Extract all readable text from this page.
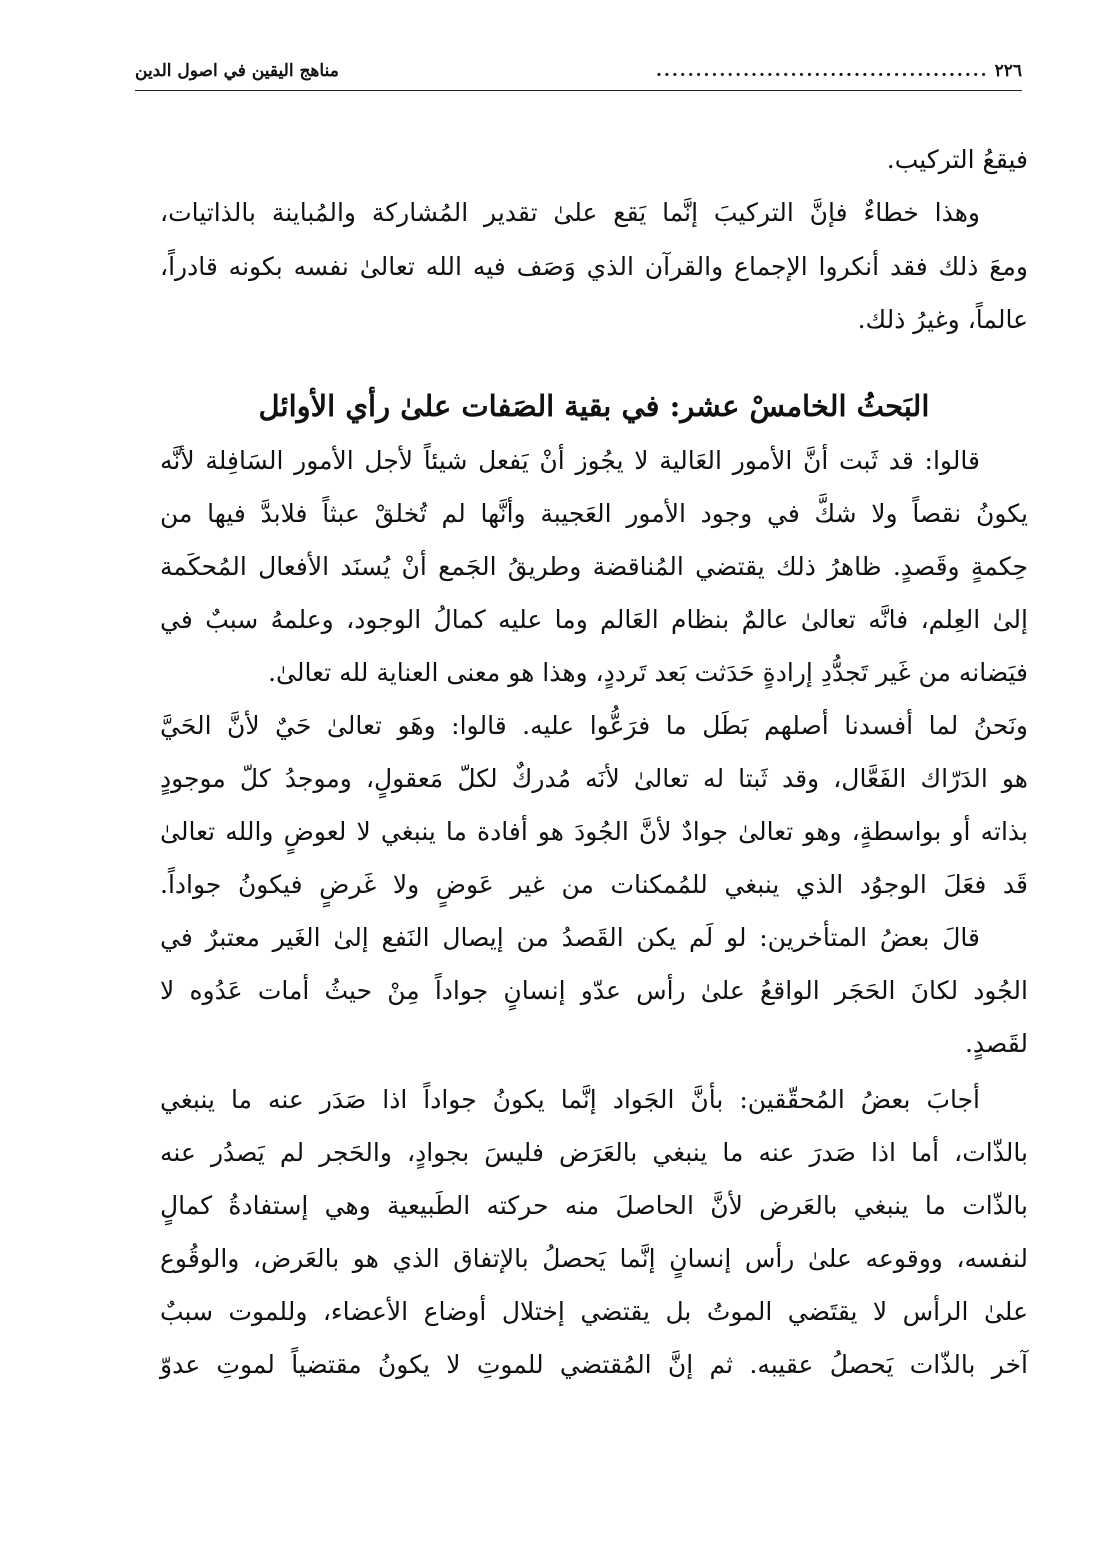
٢٢٦
..........................................
مناهج اليقين في اصول الدين
فيقعُ التركيب.
وهذا خطاءٌ فإنَّ التركيبَ إنَّما يَقع علىٰ تقدير المُشاركة والمُباينة بالذاتيات،
ومعَ ذلك فقد أنكروا الإجماع والقرآن الذي وَصَف فيه الله تعالىٰ نفسه بكونه قادراً،
عالماً، وغيرُ ذلك.
البَحثُ الخامسْ عشر: في بقية الصَفات علىٰ رأي الأوائل
قالوا: قد ثَبت أنَّ الأمور العَالية لا يجُوز أنْ يَفعل شيئاً لأجل الأمور السَافِلة لأنَّه
يكونُ نقصاً ولا شكَّ في وجود الأمور العَجيبة وأنَّها لم تُخلقْ عبثاً فلابدَّ فيها من
حِكمةٍ وقَصدٍ. ظاهرُ ذلك يقتضي المُناقضة وطريقُ الجَمع أنْ يُسنَد الأفعال المُحكَمة
إلىٰ العِلم، فانَّه تعالىٰ عالمٌ بنظام العَالم وما عليه كمالُ الوجود، وعلمهُ سببٌ في
فيَضانه من غَير تَجدُّدِ إرادةٍ حَدَثت بَعد تَرددٍ، وهذا هو معنى العناية لله تعالىٰ.
ونَحنُ لما أفسدنا أصلهم بَطَل ما فرَعُّوا عليه. قالوا: وهَو تعالىٰ حَيٌ لأنَّ الحَيَّ
هو الدَرّاك الفَعَّال، وقد ثَبتا له تعالىٰ لأنَه مُدركٌ لكلّ مَعقولٍ، وموجدُ كلّ موجودٍ
بذاته أو بواسطةٍ، وهو تعالىٰ جوادٌ لأنَّ الجُودَ هو أفادة ما ينبغي لا لعوضٍ والله تعالىٰ
قَد فعَلَ الوجوُد الذي ينبغي للمُمكنات من غير عَوضٍ ولا غَرضٍ فيكونُ جواداً.
قالَ بعضُ المتأخرين: لو لَم يكن القَصدُ من إيصال النَفع إلىٰ الغَير معتبرٌ في
الجُود لكانَ الحَجَر الواقعُ علىٰ رأس عدّو إنسانٍ جواداً مِنْ حيثُ أمات عَدُوه لا
لقَصدٍ.
أجابَ بعضُ المُحقّقين: بأنَّ الجَواد إنَّما يكونُ جواداً اذا صَدَر عنه ما ينبغي
بالذّات، أما اذا صَدرَ عنه ما ينبغي بالعَرَض فليسَ بجوادٍ، والحَجر لم يَصدُر عنه
بالذّات ما ينبغي بالعَرض لأنَّ الحاصلَ منه حركته الطَبيعية وهي إستفادةُ كمالٍ
لنفسه، ووقوعه علىٰ رأس إنسانٍ إنَّما يَحصلُ بالإتفاق الذي هو بالعَرض، والوقُوع
علىٰ الرأس لا يقتَضي الموتُ بل يقتضي إختلال أوضاع الأعضاء، وللموت سببٌ
آخر بالذّات يَحصلُ عقيبه. ثم إنَّ المُقتضي للموتِ لا يكونُ مقتضياً لموتِ عدوّ
